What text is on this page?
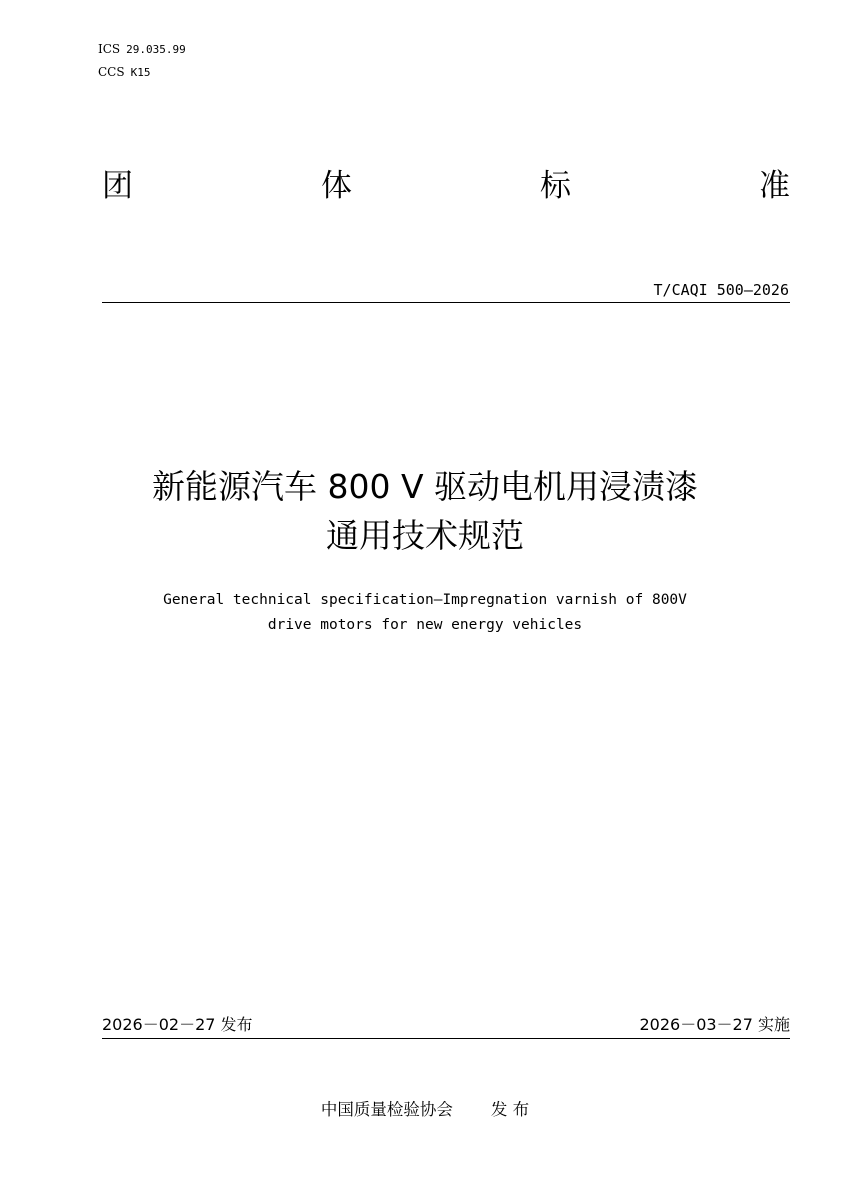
ICS 29.035.99
CCS K15
团	体	标	准
T/CAQI 500—2026
新能源汽车 800 V 驱动电机用浸渍漆
通用技术规范
General technical specification—Impregnation varnish of 800V
drive motors for new energy vehicles
2026－02－27 发布	2026－03－27 实施
中国质量检验协会 发 布
